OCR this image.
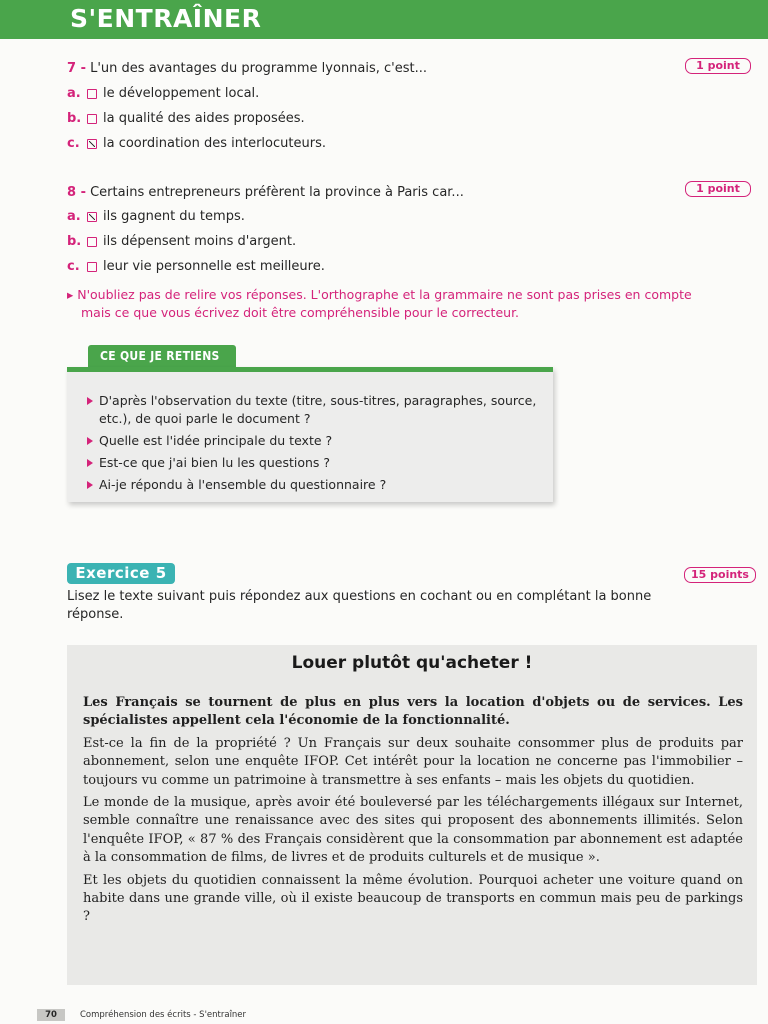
S'ENTRAÎNER
7 - L'un des avantages du programme lyonnais, c'est...	1 point
a.	le développement local.
b.	la qualité des aides proposées.
c.	la coordination des interlocuteurs.
8 - Certains entrepreneurs préfèrent la province à Paris car...	1 point
a.	ils gagnent du temps.
b.	ils dépensent moins d'argent.
c.	leur vie personnelle est meilleure.
▸ N'oubliez pas de relire vos réponses. L'orthographe et la grammaire ne sont pas prises en compte
mais ce que vous écrivez doit être compréhensible pour le correcteur.
CE QUE JE RETIENS
D'après l'observation du texte (titre, sous-titres, paragraphes, source, etc.), de quoi parle le document ?
Quelle est l'idée principale du texte ?
Est-ce que j'ai bien lu les questions ?
Ai-je répondu à l'ensemble du questionnaire ?
Exercice 5	15 points
Lisez le texte suivant puis répondez aux questions en cochant ou en complétant la bonne réponse.
Louer plutôt qu'acheter !

Les Français se tournent de plus en plus vers la location d'objets ou de services. Les spécialistes appellent cela l'économie de la fonctionnalité.

Est-ce la fin de la propriété ? Un Français sur deux souhaite consommer plus de produits par abonnement, selon une enquête IFOP. Cet intérêt pour la location ne concerne pas l'immobilier – toujours vu comme un patrimoine à transmettre à ses enfants – mais les objets du quotidien.

Le monde de la musique, après avoir été bouleversé par les téléchargements illégaux sur Internet, semble connaître une renaissance avec des sites qui proposent des abonnements illimités. Selon l'enquête IFOP, « 87 % des Français considèrent que la consommation par abonnement est adaptée à la consommation de films, de livres et de produits culturels et de musique ».

Et les objets du quotidien connaissent la même évolution. Pourquoi acheter une voiture quand on habite dans une grande ville, où il existe beaucoup de transports en commun mais peu de parkings ?

70	Compréhension des écrits - S'entraîner
